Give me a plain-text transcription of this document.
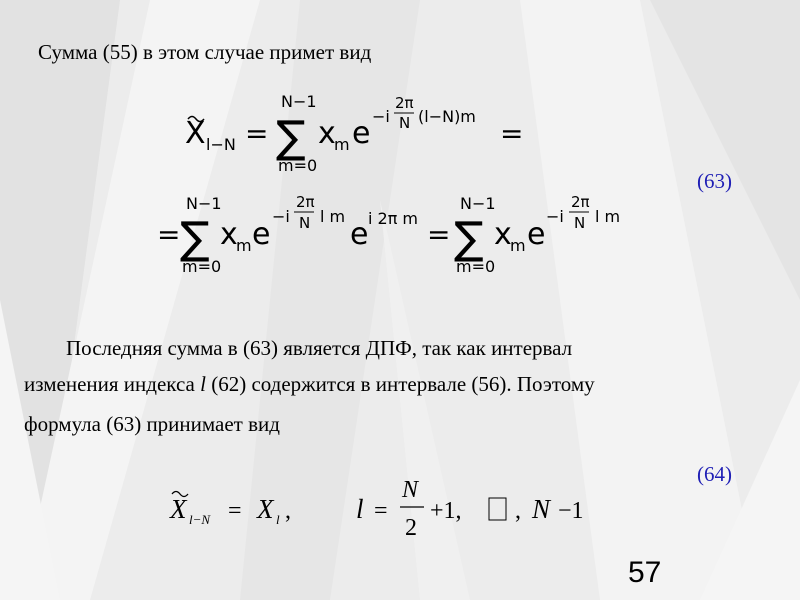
Сумма (55) в этом случае примет вид
(63)
X l−N =
N−1
∑
m=0
x
m e −i
2π
N (l−N)m
=
=
N−1
∑
m=0
x
m e
−i
2π
N l m
e i 2π m =
N−1
∑
m=0
x
m e
−i
2π
N l m
Последняя сумма в (63) является ДПФ, так как интервал
изменения индекса l (62) содержится в интервале (56). Поэтому
формула (63) принимает вид
(64)
X l−N = X l , l =
N
2
+1, , N −1
57
